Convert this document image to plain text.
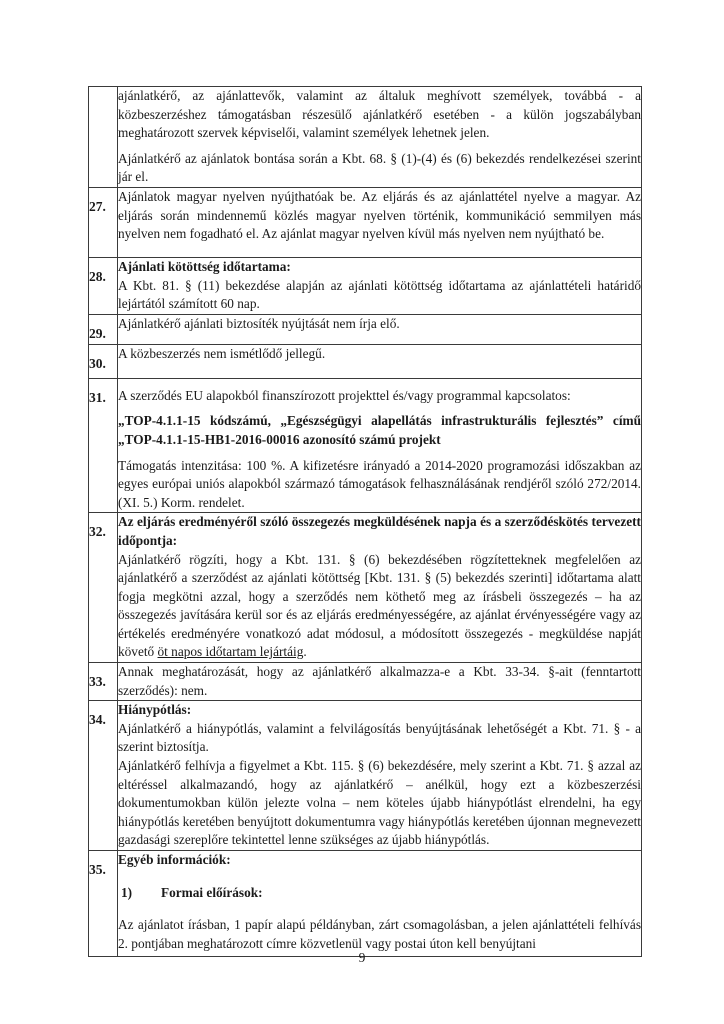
	ajánlatkérő, az ajánlattevők, valamint az általuk meghívott személyek, továbbá - a közbeszerzéshez támogatásban részesülő ajánlatkérő esetében - a külön jogszabályban meghatározott szervek képviselői, valamint személyek lehetnek jelen.

Ajánlatkérő az ajánlatok bontása során a Kbt. 68. § (1)-(4) és (6) bekezdés rendelkezései szerint jár el.

27.	Ajánlatok magyar nyelven nyújthatóak be. Az eljárás és az ajánlattétel nyelve a magyar. Az eljárás során mindennemű közlés magyar nyelven történik, kommunikáció semmilyen más nyelven nem fogadható el. Az ajánlat magyar nyelven kívül más nyelven nem nyújtható be.

28.	Ajánlati kötöttség időtartama:

A Kbt. 81. § (11) bekezdése alapján az ajánlati kötöttség időtartama az ajánlattételi határidő lejártától számított 60 nap.

29.	Ajánlatkérő ajánlati biztosíték nyújtását nem írja elő.

30.	A közbeszerzés nem ismétlődő jellegű.

31.	A szerződés EU alapokból finanszírozott projekttel és/vagy programmal kapcsolatos:

„TOP-4.1.1-15 kódszámú, „Egészségügyi alapellátás infrastrukturális fejlesztés” című „TOP-4.1.1-15-HB1-2016-00016 azonosító számú projekt

Támogatás intenzitása: 100 %. A kifizetésre irányadó a 2014-2020 programozási időszakban az egyes európai uniós alapokból származó támogatások felhasználásának rendjéről szóló 272/2014. (XI. 5.) Korm. rendelet.

32.	Az eljárás eredményéről szóló összegezés megküldésének napja és a szerződéskötés tervezett időpontja:

Ajánlatkérő rögzíti, hogy a Kbt. 131. § (6) bekezdésében rögzítetteknek megfelelően az ajánlatkérő a szerződést az ajánlati kötöttség [Kbt. 131. § (5) bekezdés szerinti] időtartama alatt fogja megkötni azzal, hogy a szerződés nem köthető meg az írásbeli összegezés – ha az összegezés javítására kerül sor és az eljárás eredményességére, az ajánlat érvényességére vagy az értékelés eredményére vonatkozó adat módosul, a módosított összegezés - megküldése napját követő öt napos időtartam lejártáig.

33.	Annak meghatározását, hogy az ajánlatkérő alkalmazza-e a Kbt. 33-34. §-ait (fenntartott szerződés): nem.

34.	Hiánypótlás:

Ajánlatkérő a hiánypótlás, valamint a felvilágosítás benyújtásának lehetőségét a Kbt. 71. § - a szerint biztosítja.

Ajánlatkérő felhívja a figyelmet a Kbt. 115. § (6) bekezdésére, mely szerint a Kbt. 71. § azzal az eltéréssel alkalmazandó, hogy az ajánlatkérő – anélkül, hogy ezt a közbeszerzési dokumentumokban külön jelezte volna – nem köteles újabb hiánypótlást elrendelni, ha egy hiánypótlás keretében benyújtott dokumentumra vagy hiánypótlás keretében újonnan megnevezett gazdasági szereplőre tekintettel lenne szükséges az újabb hiánypótlás.

35.	Egyéb információk:

1) Formai előírások:

Az ajánlatot írásban, 1 papír alapú példányban, zárt csomagolásban, a jelen ajánlattételi felhívás 2. pontjában meghatározott címre közvetlenül vagy postai úton kell benyújtani

9
